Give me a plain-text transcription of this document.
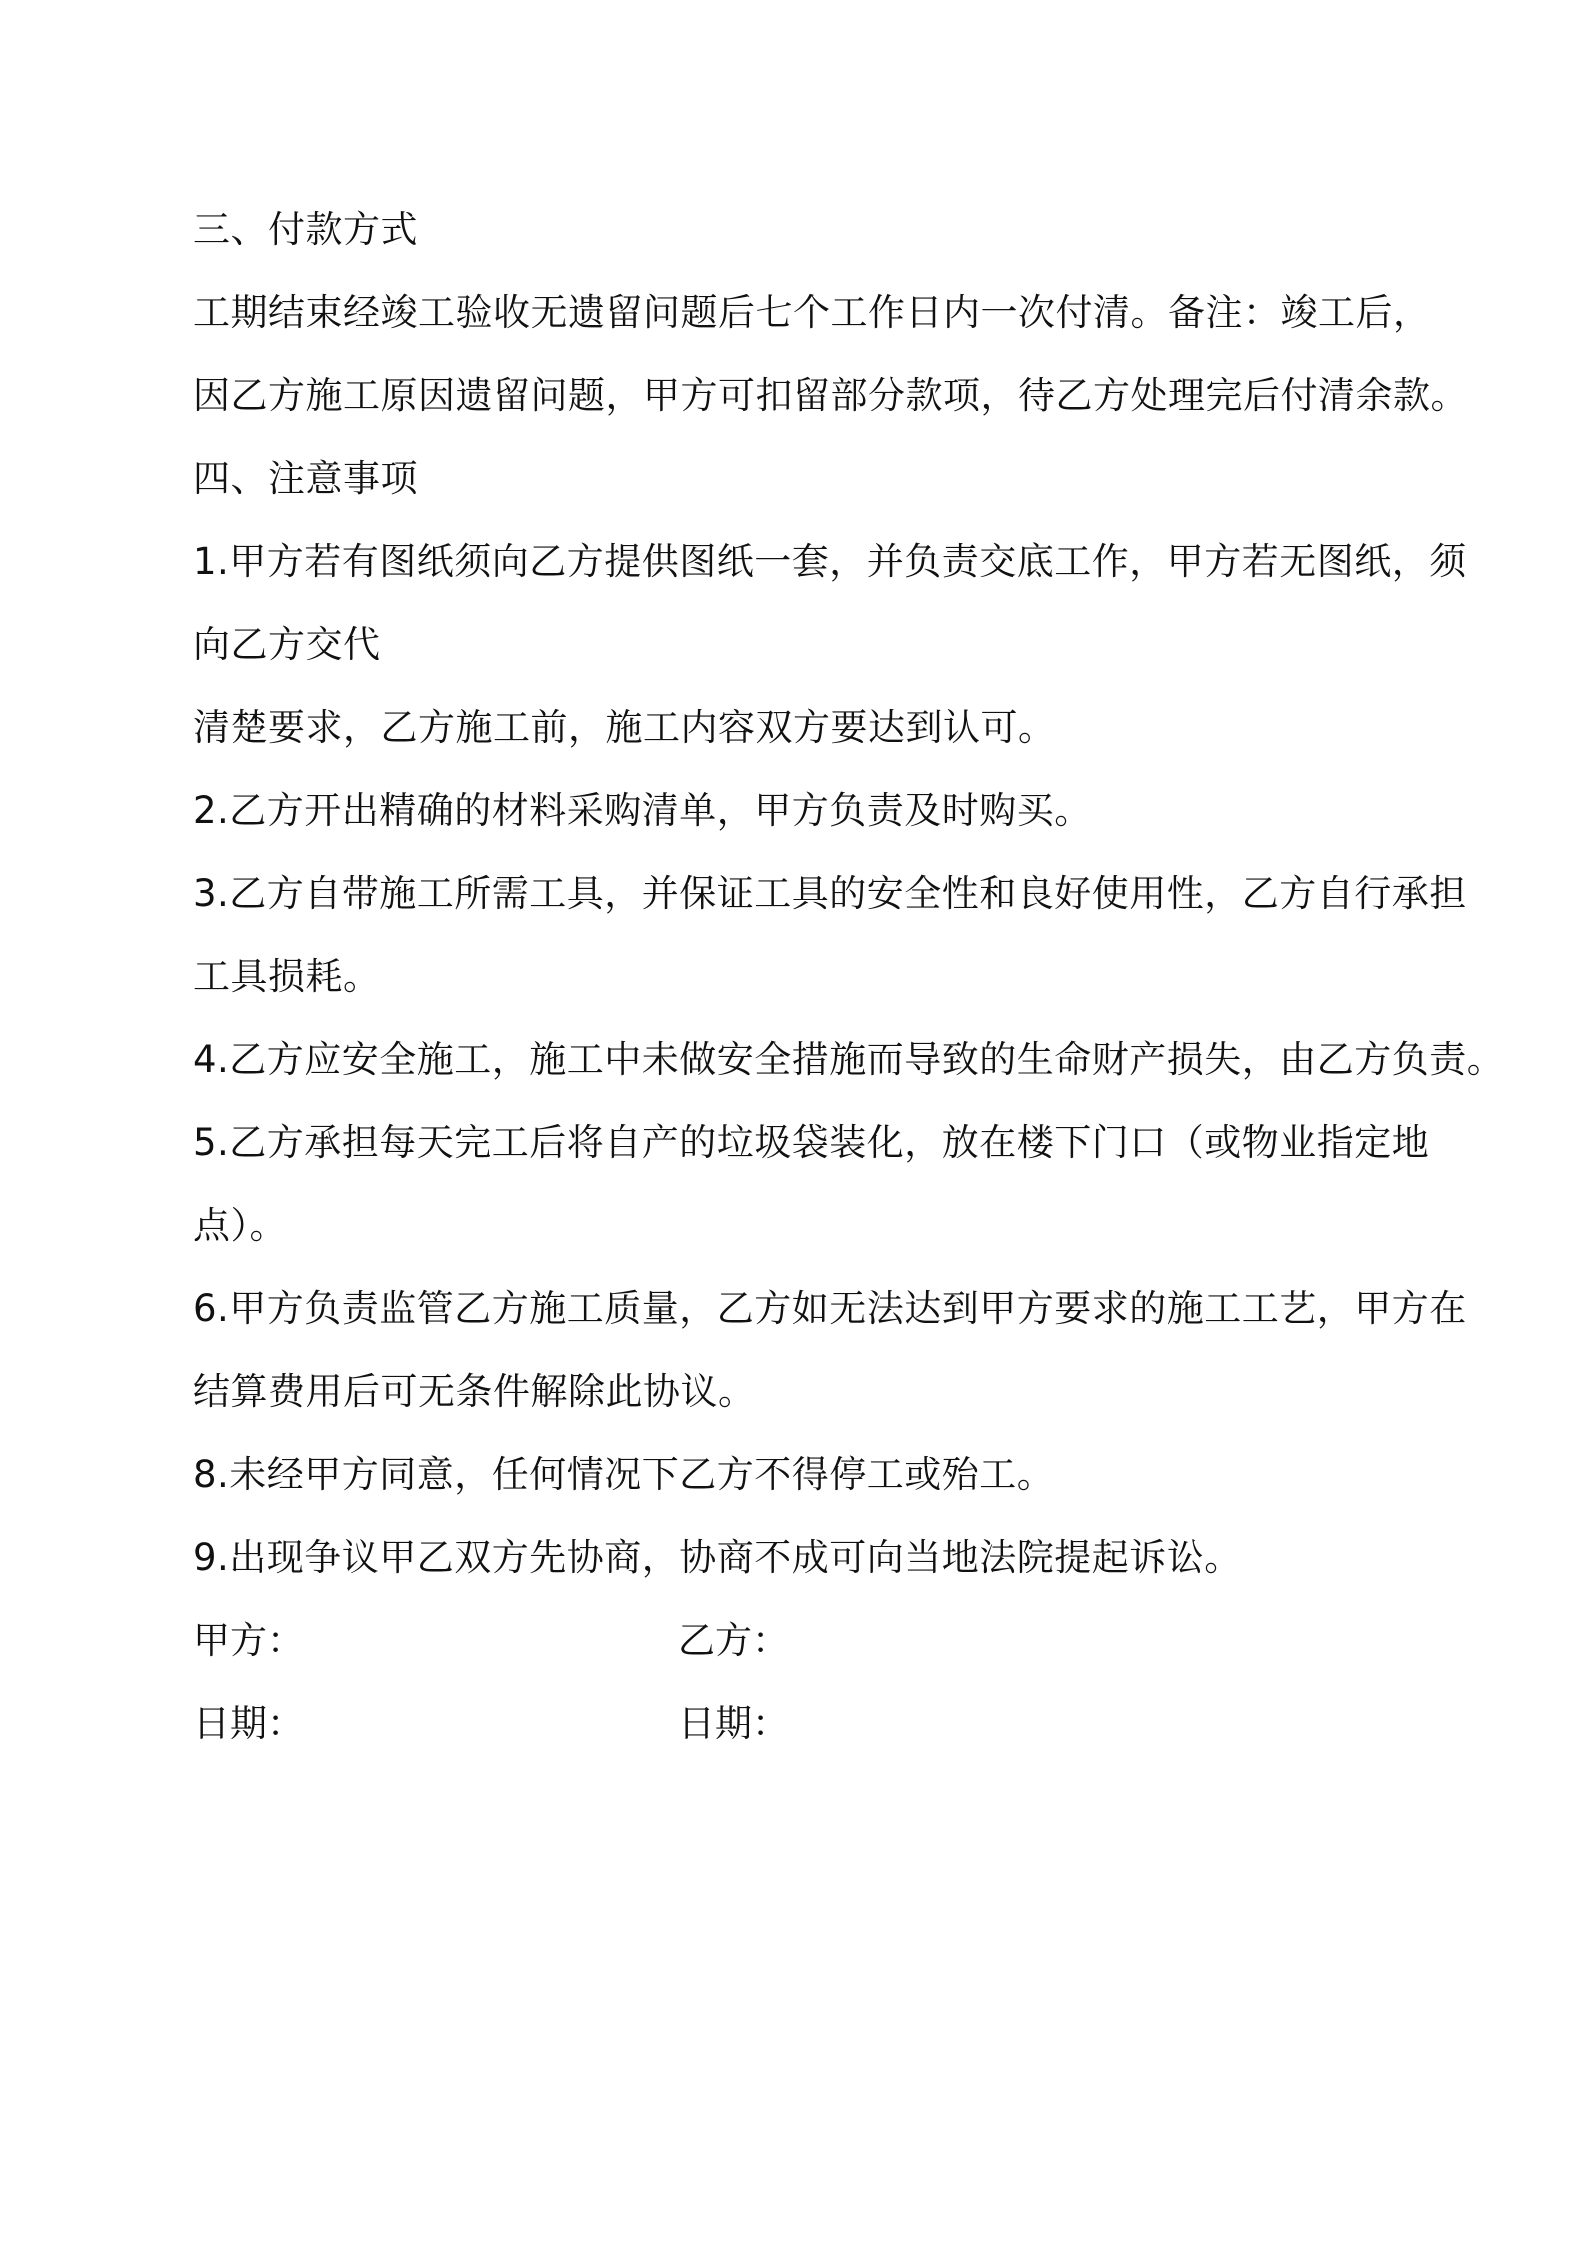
三、付款方式
工期结束经竣工验收无遗留问题后七个工作日内一次付清。备注：竣工后，
因乙方施工原因遗留问题，甲方可扣留部分款项，待乙方处理完后付清余款。
四、注意事项
1.甲方若有图纸须向乙方提供图纸一套，并负责交底工作，甲方若无图纸，须
向乙方交代
清楚要求，乙方施工前，施工内容双方要达到认可。
2.乙方开出精确的材料采购清单，甲方负责及时购买。
3.乙方自带施工所需工具，并保证工具的安全性和良好使用性，乙方自行承担
工具损耗。
4.乙方应安全施工，施工中未做安全措施而导致的生命财产损失，由乙方负责。
5.乙方承担每天完工后将自产的垃圾袋装化，放在楼下门口（或物业指定地
点）。
6.甲方负责监管乙方施工质量，乙方如无法达到甲方要求的施工工艺，甲方在
结算费用后可无条件解除此协议。
8.未经甲方同意，任何情况下乙方不得停工或殆工。
9.出现争议甲乙双方先协商，协商不成可向当地法院提起诉讼。
甲方：	乙方：
日期：	日期：
